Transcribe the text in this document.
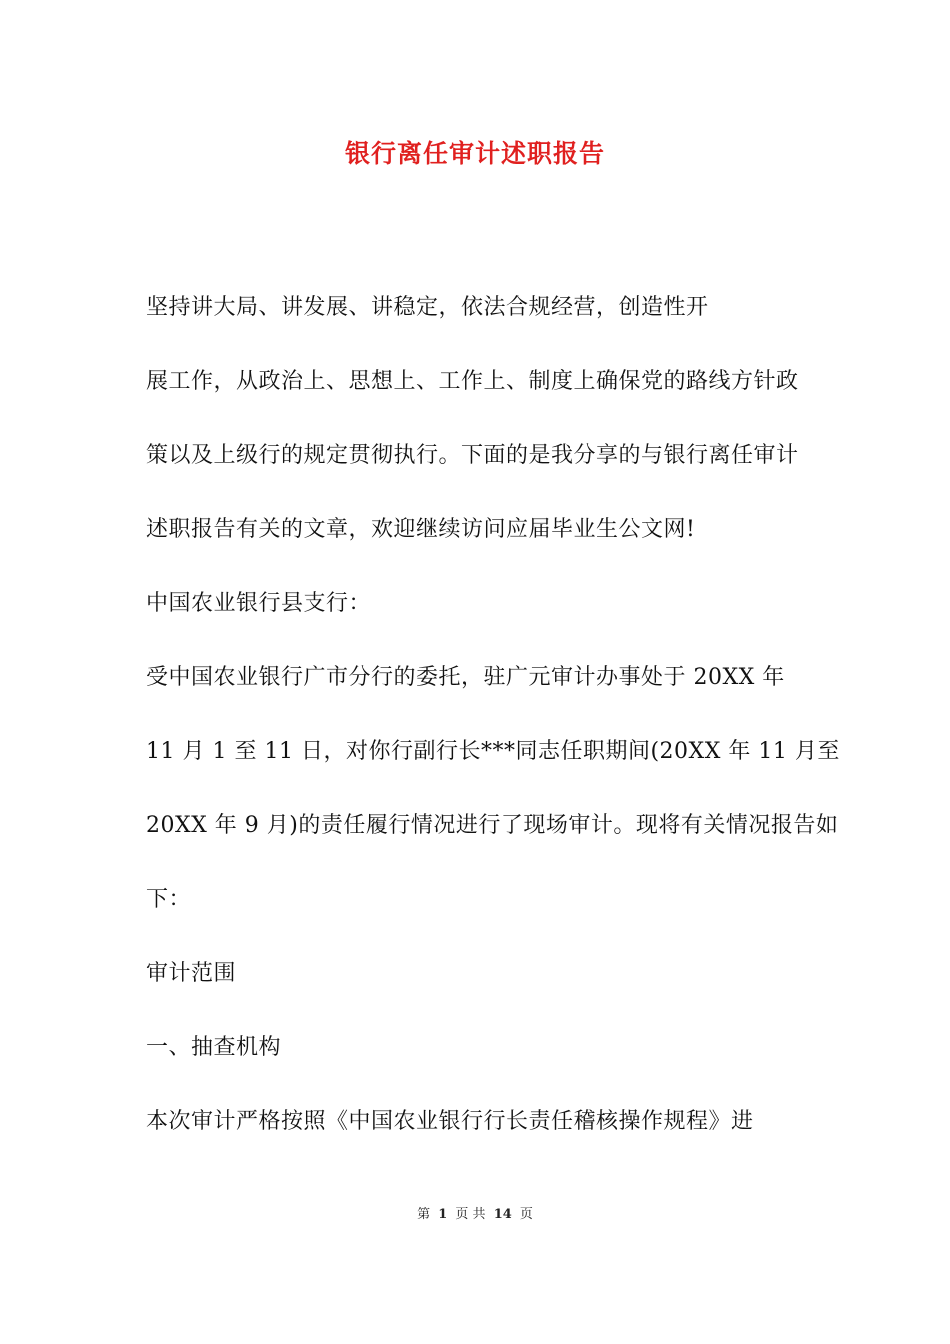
银行离任审计述职报告

坚持讲大局、讲发展、讲稳定，依法合规经营，创造性开

展工作，从政治上、思想上、工作上、制度上确保党的路线方针政

策以及上级行的规定贯彻执行。下面的是我分享的与银行离任审计

述职报告有关的文章，欢迎继续访问应届毕业生公文网!

中国农业银行县支行：

受中国农业银行广市分行的委托，驻广元审计办事处于 20XX 年

11 月 1 至 11 日，对你行副行长***同志任职期间(20XX 年 11 月至

20XX 年 9 月)的责任履行情况进行了现场审计。现将有关情况报告如

下：

审计范围

一、抽查机构

本次审计严格按照《中国农业银行行长责任稽核操作规程》进

第 1 页 共 14 页
